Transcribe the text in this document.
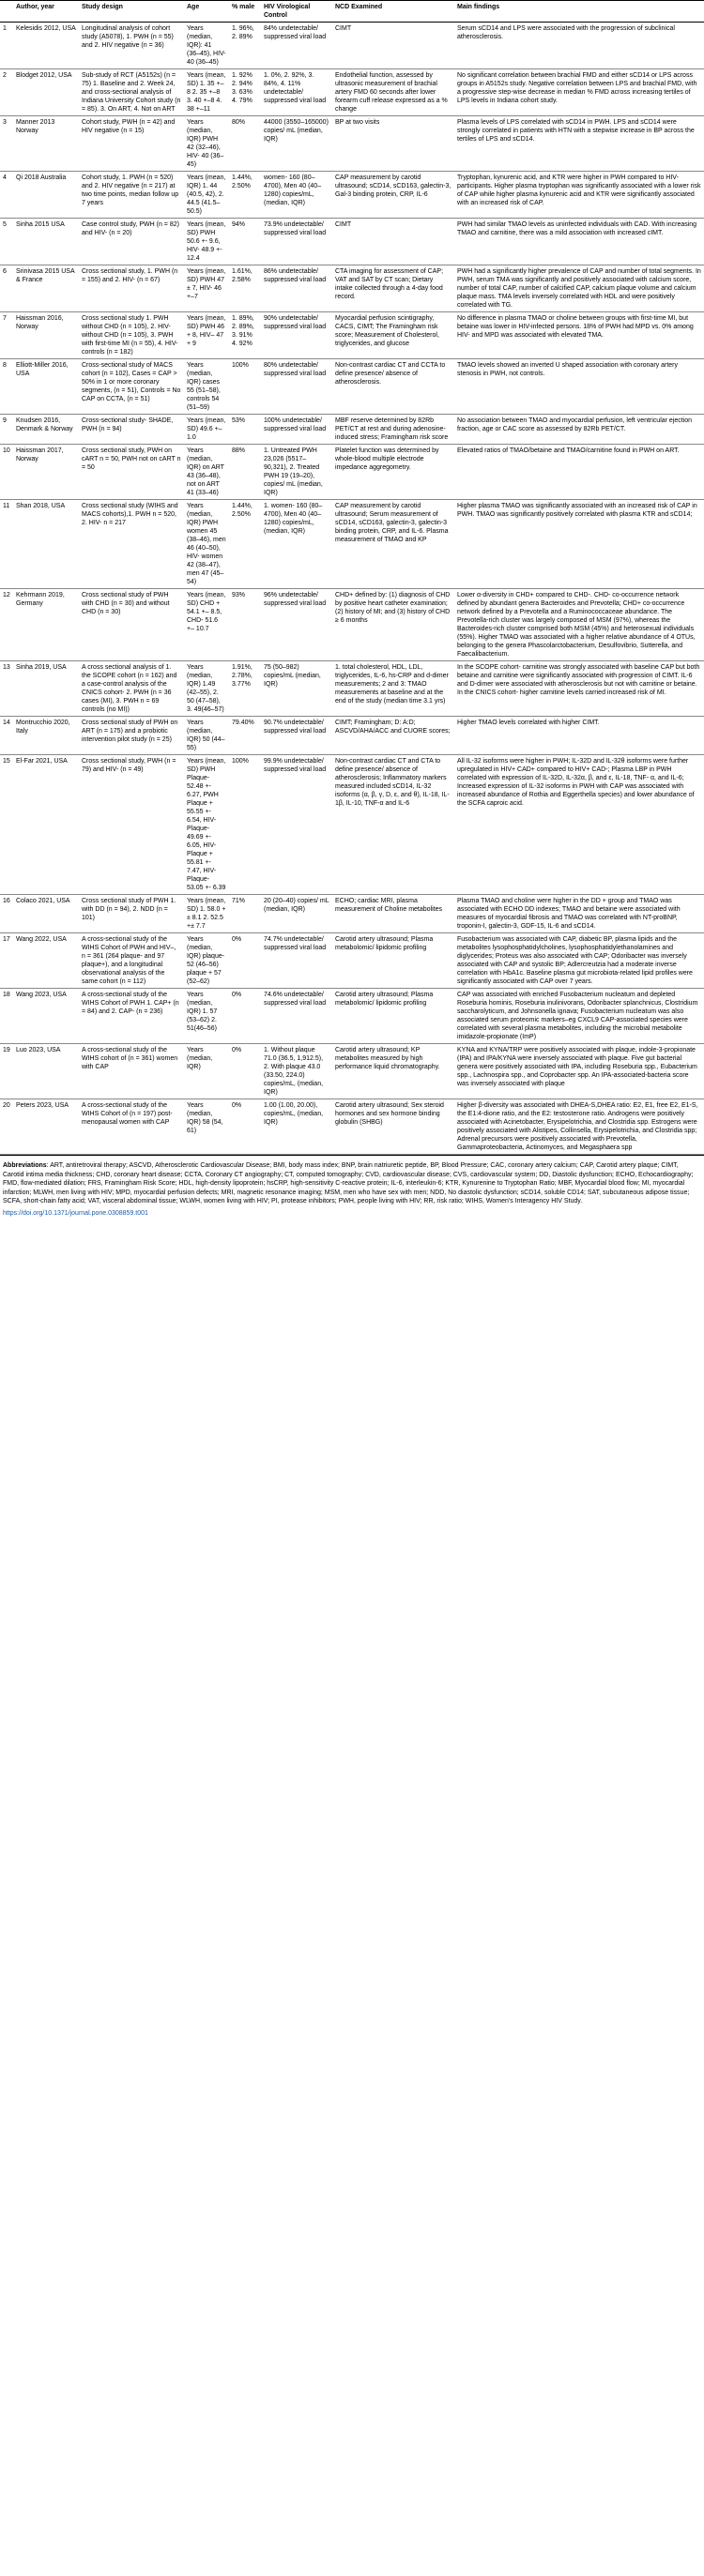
	Author, year	Study design	Age	% male	HIV Virological Control	NCD Examined	Main findings
1	Kelesidis 2012, USA	Longitudinal analysis of cohort study (A5078), 1. PWH (n = 55) and 2. HIV negative (n = 36)	Years (median, IQR): 41 (36–45), HIV- 40 (36–45)	1. 96%, 2. 89%	84% undetectable/ suppressed viral load	CIMT	Serum sCD14 and LPS were associated with the progression of subclinical atherosclerosis.
2	Blodget 2012, USA	Sub-study of RCT (A5152s) (n = 75) 1. Baseline and 2. Week 24, and cross-sectional analysis of Indiana University Cohort study (n = 85). 3. On ART, 4. Not on ART	Years (mean, SD) 1. 35 +–8 2. 35 +–8 3. 40 +–8 4. 38 +–11	1. 92% 2. 94% 3. 63% 4. 79%	1. 0%, 2. 92%, 3. 84%, 4. 11% undetectable/ suppressed viral load	Endothelial function, assessed by ultrasonic measurement of brachial artery FMD 60 seconds after lower forearm cuff release expressed as a % change	No significant correlation between brachial FMD and either sCD14 or LPS across groups in A5152s study. Negative correlation between LPS and brachial FMD, with a progressive step-wise decrease in median % FMD across increasing tertiles of LPS levels in Indiana cohort study.
3	Manner 2013 Norway	Cohort study, PWH (n = 42) and HIV negative (n = 15)	Years (median, IQR) PWH 42 (32–46), HIV- 40 (36–45)	80%	44000 (3550–165000) copies/ mL (median, IQR)	BP at two visits	Plasma levels of LPS correlated with sCD14 in PWH. LPS and sCD14 were strongly correlated in patients with HTN with a stepwise increase in BP across the tertiles of LPS and sCD14.
4	Qi 2018 Australia	Cohort study, 1. PWH (n = 520) and 2. HIV negative (n = 217) at two time points, median follow up 7 years	Years (mean, IQR) 1. 44 (40.5, 42), 2. 44.5 (41.5–50.5)	1.44%, 2.50%	women- 160 (80–4700), Men 40 (40–1280) copies/mL, (median, IQR)	CAP measurement by carotid ultrasound; sCD14, sCD163, galectin-3, Gal-3 binding protein, CRP, IL-6	Tryptophan, kynurenic acid, and KTR were higher in PWH compared to HIV- participants. Higher plasma tryptophan was significantly associated with a lower risk of CAP while higher plasma kynurenic acid and KTR were significantly associated with an increased risk of CAP.
5	Sinha 2015 USA	Case control study, PWH (n = 82) and HIV- (n = 20)	Years (mean, SD) PWH 50.6 +- 9.6, HIV- 48.9 +- 12.4	94%	73.9% undetectable/ suppressed viral load	CIMT	PWH had similar TMAO levels as uninfected individuals with CAD. With increasing TMAO and carnitine, there was a mild association with increased cIMT.
6	Srinivasa 2015 USA & France	Cross sectional study, 1. PWH (n = 155) and 2. HIV- (n = 67)	Years (mean, SD) PWH 47 ± 7, HIV- 46 +–7	1.61%, 2.58%	86% undetectable/ suppressed viral load	CTA imaging for assessment of CAP; VAT and SAT by CT scan; Dietary intake collected through a 4-day food record.	PWH had a significantly higher prevalence of CAP and number of total segments. In PWH, serum TMA was significantly and positively associated with calcium score, number of total CAP, number of calcified CAP, calcium plaque volume and calcium plaque mass. TMA levels inversely correlated with HDL and were positively correlated with TG.
7	Haissman 2016, Norway	Cross sectional study 1. PWH without CHD (n = 105), 2. HIV- without CHD (n = 105), 3. PWH with first-time MI (n = 55), 4. HIV- controls (n = 182)	Years (mean, SD) PWH 46 + 8, HIV– 47 + 9	1. 89%, 2. 89%, 3. 91% 4. 92%	90% undetectable/ suppressed viral load	Myocardial perfusion scintigraphy, CACS, CIMT; The Framingham risk score; Measurement of Cholesterol, triglycerides, and glucose	No difference in plasma TMAO or choline between groups with first-time MI, but betaine was lower in HIV-infected persons. 18% of PWH had MPD vs. 0% among HIV- and MPD was associated with elevated TMA.
8	Elliott-Miller 2016, USA	Cross-sectional study of MACS cohort (n = 102), Cases = CAP > 50% in 1 or more coronary segments, (n = 51), Controls = No CAP on CCTA, (n = 51)	Years (median, IQR) cases 55 (51–58), controls 54 (51–59)	100%	80% undetectable/ suppressed viral load	Non-contrast cardiac CT and CCTA to define presence/ absence of atherosclerosis.	TMAO levels showed an inverted U shaped association with coronary artery stenosis in PWH, not controls.
9	Knudsen 2016, Denmark & Norway	Cross-sectional study- SHADE, PWH (n = 94)	Years (mean, SD) 49.6 +–1.0	53%	100% undetectable/ suppressed viral load	MBF reserve determined by 82Rb PET/CT at rest and during adenosine-induced stress; Framingham risk score	No association between TMAO and myocardial perfusion, left ventricular ejection fraction, age or CAC score as assessed by 82Rb PET/CT.
10	Haissman 2017, Norway	Cross sectional study, PWH on cART n = 50, PWH not on cART n = 50	Years (median, IQR) on ART 43 (36–48), not on ART 41 (33–46)	88%	1. Untreated PWH 23,026 (5517–90,321), 2. Treated PWH 19 (19–20), copies/ mL (median, IQR)	Platelet function was determined by whole-blood multiple electrode impedance aggregometry.	Elevated ratios of TMAO/betaine and TMAO/carnitine found in PWH on ART.
11	Shan 2018, USA	Cross sectional study (WIHS and MACS cohorts),1. PWH n = 520, 2. HIV- n = 217	Years (median, IQR) PWH women 45 (38–46), men 46 (40–50), HIV- women 42 (38–47), men 47 (45–54)	1.44%, 2.50%	1. women- 160 (80–4700), Men 40 (40–1280) copies/mL, (median, IQR)	CAP measurement by carotid ultrasound; Serum measurement of sCD14, sCD163, galectin-3, galectin-3 binding protein, CRP, and IL-6. Plasma measurement of TMAO and KP	Higher plasma TMAO was significantly associated with an increased risk of CAP in PWH. TMAO was significantly positively correlated with plasma KTR and sCD14;
12	Kehrmann 2019, Germany	Cross sectional study of PWH with CHD (n = 30) and without CHD (n = 30)	Years (mean, SD) CHD + 54.1 +– 8.5, CHD- 51.6 +– 10.7	93%	96% undetectable/ suppressed viral load	CHD+ defined by: (1) diagnosis of CHD by positive heart catheter examination; (2) history of MI; and (3) history of CHD ≥ 6 months	Lower α-diversity in CHD+ compared to CHD-. CHD- co-occurrence network defined by abundant genera Bacteroides and Prevotella; CHD+ co-occurrence network defined by a Prevotella and a Ruminococcaceae abundance. The Prevotella-rich cluster was largely composed of MSM (97%), whereas the Bacteroides-rich cluster comprised both MSM (45%) and heterosexual individuals (55%). Higher TMAO was associated with a higher relative abundance of 4 OTUs, belonging to the genera Phascolarctobacterium, Desulfovibrio, Sutterella, and Faecalibacterium.
13	Sinha 2019, USA	A cross sectional analysis of 1. the SCOPE cohort (n = 162) and a case-control analysis of the CNICS cohort- 2. PWH (n = 36 cases (MI), 3. PWH n = 69 controls (no MI))	Years (median, IQR) 1.49 (42–55), 2. 50 (47–58), 3. 49(46–57)	1.91%, 2.78%, 3.77%	75 (50–982) copies/mL (median, IQR)	1. total cholesterol, HDL, LDL, triglycerides, IL-6, hs-CRP and d-dimer measurements; 2 and 3: TMAO measurements at baseline and at the end of the study (median time 3.1 yrs)	In the SCOPE cohort- carnitine was strongly associated with baseline CAP but both betaine and carnitine were significantly associated with progression of CIMT. IL-6 and D-dimer were associated with atherosclerosis but not with carnitine or betaine. In the CNICS cohort- higher carnitine levels carried increased risk of MI.
14	Montrucchio 2020, Italy	Cross sectional study of PWH on ART (n = 175) and a probiotic intervention pilot study (n = 25)	Years (median, IQR) 50 (44–55)	79.40%	90.7% undetectable/ suppressed viral load	CIMT; Framingham; D: A:D; ASCVD/AHA/ACC and CUORE scores;	Higher TMAO levels correlated with higher CIMT.
15	El-Far 2021, USA	Cross sectional study, PWH (n = 79) and HIV- (n = 49)	Years (mean, SD) PWH Plaque- 52.48 +- 6.27, PWH Plaque + 55.55 +- 6.54, HIV- Plaque- 49.69 +- 6.05, HIV- Plaque + 55.81 +- 7.47, HIV- Plaque- 53.05 +- 6.39	100%	99.9% undetectable/ suppressed viral load	Non-contrast cardiac CT and CTA to define presence/ absence of atherosclerosis; Inflammatory markers measured included sCD14, IL-32 isoforms (α, β, γ, D, ε, and θ), IL-18, IL-1β, IL-10, TNF-α and IL-6	All IL-32 isoforms were higher in PWH; IL-32D and IL-32θ isoforms were further upregulated in HIV+ CAD+ compared to HIV+ CAD-; Plasma LBP in PWH correlated with expression of IL-32D, IL-32α, β, and ε, IL-18, TNF- α, and IL-6; Increased expression of IL-32 isoforms in PWH with CAP was associated with increased abundance of Rothia and Eggerthella species) and lower abundance of the SCFA caproic acid.
16	Colaco 2021, USA	Cross sectional study of PWH 1. with DD (n = 94), 2. NDD (n = 101)	Years (mean, SD) 1. 58.0 +± 8.1 2. 52.5 +± 7.7	71%	20 (20–40) copies/ mL (median, IQR)	ECHO; cardiac MRI, plasma measurement of Choline metabolites	Plasma TMAO and choline were higher in the DD + group and TMAO was associated with ECHO DD indexes; TMAO and betaine were associated with measures of myocardial fibrosis and TMAO was correlated with NT-proBNP, troponin-I, galectin-3, GDF-15, IL-6 and sCD14.
17	Wang 2022, USA	A cross-sectional study of the WIHS Cohort of PWH and HIV–, n = 361 (264 plaque- and 97 plaque+), and a longitudinal observational analysis of the same cohort (n = 112)	Years (median, IQR) plaque- 52 (46–56) plaque + 57 (52–62)	0%	74.7% undetectable/ suppressed viral load	Carotid artery ultrasound; Plasma metabolomic/ lipidomic profiling	Fusobacterium was associated with CAP, diabetic BP, plasma lipids and the metabolites lysophosphatidylcholines, lysophosphatidylethanolamines and diglycerides; Proteus was also associated with CAP; Odoribacter was inversely associated with CAP and systolic BP; Adlercreutzia had a moderate inverse correlation with HbA1c. Baseline plasma gut microbiota-related lipid profiles were significantly associated with CAP over 7 years.
18	Wang 2023, USA	A cross-sectional study of the WIHS Cohort of PWH 1. CAP+ (n = 84) and 2. CAP- (n = 236)	Years (median, IQR) 1. 57 (53–62) 2. 51(46–56)	0%	74.6% undetectable/ suppressed viral load	Carotid artery ultrasound; Plasma metabolomic/ lipidomic profiling	CAP was associated with enriched Fusobacterium nucleatum and depleted Roseburia hominis, Roseburia inulinivorans, Odoribacter splanchnicus, Clostridium saccharolyticum, and Johnsonella ignava; Fusobacterium nucleatum was also associated serum proteomic markers–eg CXCL9 CAP-associated species were correlated with several plasma metabolites, including the microbial metabolite imidazole-propionate (ImP)
19	Luo 2023, USA	A cross-sectional study of the WIHS cohort of (n = 361) women with CAP	Years (median, IQR)	0%	1. Without plaque 71.0 (36.5, 1,912.5), 2. With plaque 43.0 (33.50, 224.0) copies/mL, (median, IQR)	Carotid artery ultrasound; KP metabolites measured by high performance liquid chromatography.	KYNA and KYNA/TRP were positively associated with plaque, indole-3-propionate (IPA) and IPA/KYNA were inversely associated with plaque. Five gut bacterial genera were positively associated with IPA, including Roseburia spp., Eubacterium spp., Lachnospira spp., and Coprobacter spp. An IPA-associated-bacteria score was inversely associated with plaque
20	Peters 2023, USA	A cross-sectional study of the WIHS Cohort of (n = 197) post-menopausal women with CAP	Years (median, IQR) 58 (54, 61)	0%	1.00 (1.00, 20.00), copies/mL, (median, IQR)	Carotid artery ultrasound; Sex steroid hormones and sex hormone binding globulin (SHBG)	Higher β-diversity was associated with DHEA-S,DHEA ratio: E2, E1, free E2, E1-S, the E1:4-dione ratio, and the E2: testosterone ratio. Androgens were positively associated with Acinetobacter, Erysipelotrichia, and Clostridia spp. Estrogens were positively associated with Alistipes, Collinsella, Erysipelotrichia, and Clostridia spp; Adrenal precursors were positively associated with Prevotella, Gammaproteobacteria, Actinomyces, and Megasphaera spp
Abbreviations: ART, antiretroviral therapy; ASCVD, Atherosclerotic Cardiovascular Disease; BMI, body mass index; BNP, brain natriuretic peptide, BP, Blood Pressure; CAC, coronary artery calcium; CAP, Carotid artery plaque; CIMT, Carotid intima media thickness; CHD, coronary heart disease; CCTA, Coronary CT angiography; CT, computed tomography; CVD, cardiovascular disease; CVS, cardiovascular system; DD, Diastolic dysfunction; ECHO, Echocardiography; FMD, flow-mediated dilation; FRS, Framingham Risk Score; HDL, high-density lipoprotein; hsCRP, high-sensitivity C-reactive protein; IL-6, interleukin-6; KTR, Kynurenine to Tryptophan Ratio; MBF, Myocardial blood flow; MI, myocardial infarction; MLWH, men living with HIV; MPD, myocardial perfusion defects; MRI, magnetic resonance imaging; MSM, men who have sex with men; NDD, No diastolic dysfunction; sCD14, soluble CD14; SAT, subcutaneous adipose tissue; SCFA, short-chain fatty acid; VAT, visceral abdominal tissue; WLWH, women living with HIV; PI, protease inhibitors; PWH, people living with HIV; RR, risk ratio; WIHS, Women's Interagency HIV Study.
https://doi.org/10.1371/journal.pone.0308859.t001
